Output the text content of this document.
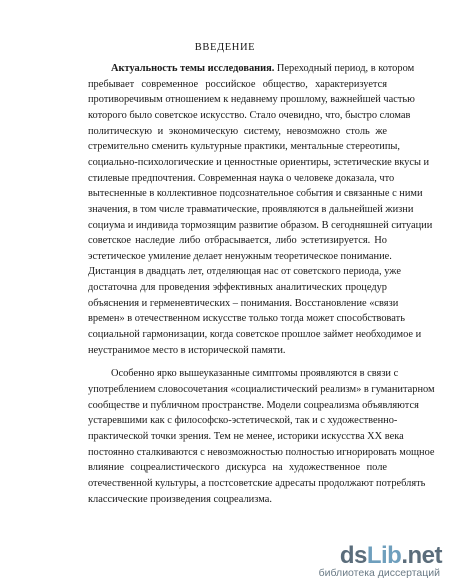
ВВЕДЕНИЕ
Актуальность темы исследования. Переходный период, в котором
пребывает современное российское общество, характеризуется
противоречивым отношением к недавнему прошлому, важнейшей частью
которого было советское искусство. Стало очевидно, что, быстро сломав
политическую и экономическую систему, невозможно столь же
стремительно сменить культурные практики, ментальные стереотипы,
социально-психологические и ценностные ориентиры, эстетические вкусы и
стилевые предпочтения. Современная наука о человеке доказала, что
вытесненные в коллективное подсознательное события и связанные с ними
значения, в том числе травматические, проявляются в дальнейшей жизни
социума и индивида тормозящим развитие образом. В сегодняшней ситуации
советское наследие либо отбрасывается, либо эстетизируется. Но
эстетическое умиление делает ненужным теоретическое понимание.
Дистанция в двадцать лет, отделяющая нас от советского периода, уже
достаточна для проведения эффективных аналитических процедур
объяснения и герменевтических – понимания. Восстановление «связи
времен» в отечественном искусстве только тогда может способствовать
социальной гармонизации, когда советское прошлое займет необходимое и
неустранимое место в исторической памяти.
Особенно ярко вышеуказанные симптомы проявляются в связи с
употреблением словосочетания «социалистический реализм» в гуманитарном
сообществе и публичном пространстве. Модели соцреализма объявляются
устаревшими как с философско-эстетической, так и с художественно-
практической точки зрения. Тем не менее, историки искусства XX века
постоянно сталкиваются с невозможностью полностью игнорировать мощное
влияние соцреалистического дискурса на художественное поле
отечественной культуры, а постсоветские адресаты продолжают потреблять
классические произведения соцреализма.
dsLib.net
библиотека диссертаций
